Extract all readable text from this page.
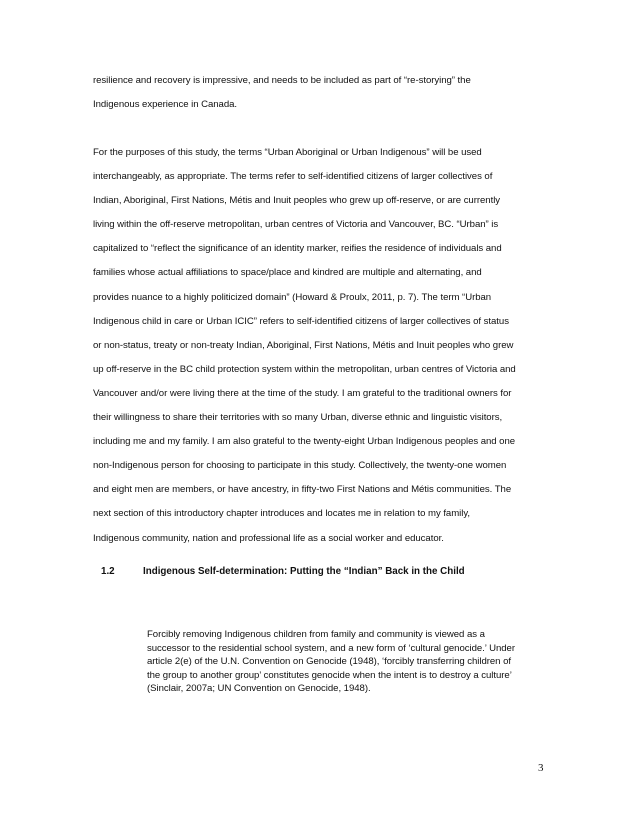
resilience and recovery is impressive, and needs to be included as part of “re-storying” the
Indigenous experience in Canada.
For the purposes of this study, the terms “Urban Aboriginal or Urban Indigenous” will be used
interchangeably, as appropriate. The terms refer to self-identified citizens of larger collectives of
Indian, Aboriginal, First Nations, Métis and Inuit peoples who grew up off-reserve, or are currently
living within the off-reserve metropolitan, urban centres of Victoria and Vancouver, BC. “Urban” is
capitalized to “reflect the significance of an identity marker, reifies the residence of individuals and
families whose actual affiliations to space/place and kindred are multiple and alternating, and
provides nuance to a highly politicized domain” (Howard & Proulx, 2011, p. 7). The term “Urban
Indigenous child in care or Urban ICIC” refers to self-identified citizens of larger collectives of status
or non-status, treaty or non-treaty Indian, Aboriginal, First Nations, Métis and Inuit peoples who grew
up off-reserve in the BC child protection system within the metropolitan, urban centres of Victoria and
Vancouver and/or were living there at the time of the study. I am grateful to the traditional owners for
their willingness to share their territories with so many Urban, diverse ethnic and linguistic visitors,
including me and my family. I am also grateful to the twenty-eight Urban Indigenous peoples and one
non-Indigenous person for choosing to participate in this study. Collectively, the twenty-one women
and eight men are members, or have ancestry, in fifty-two First Nations and Métis communities. The
next section of this introductory chapter introduces and locates me in relation to my family,
Indigenous community, nation and professional life as a social worker and educator.
1.2	Indigenous Self-determination: Putting the “Indian” Back in the Child
Forcibly removing Indigenous children from family and community is viewed as a
successor to the residential school system, and a new form of ‘cultural genocide.’ Under
article 2(e) of the U.N. Convention on Genocide (1948), ‘forcibly transferring children of
the group to another group’ constitutes genocide when the intent is to destroy a culture’
(Sinclair, 2007a; UN Convention on Genocide, 1948).
3
